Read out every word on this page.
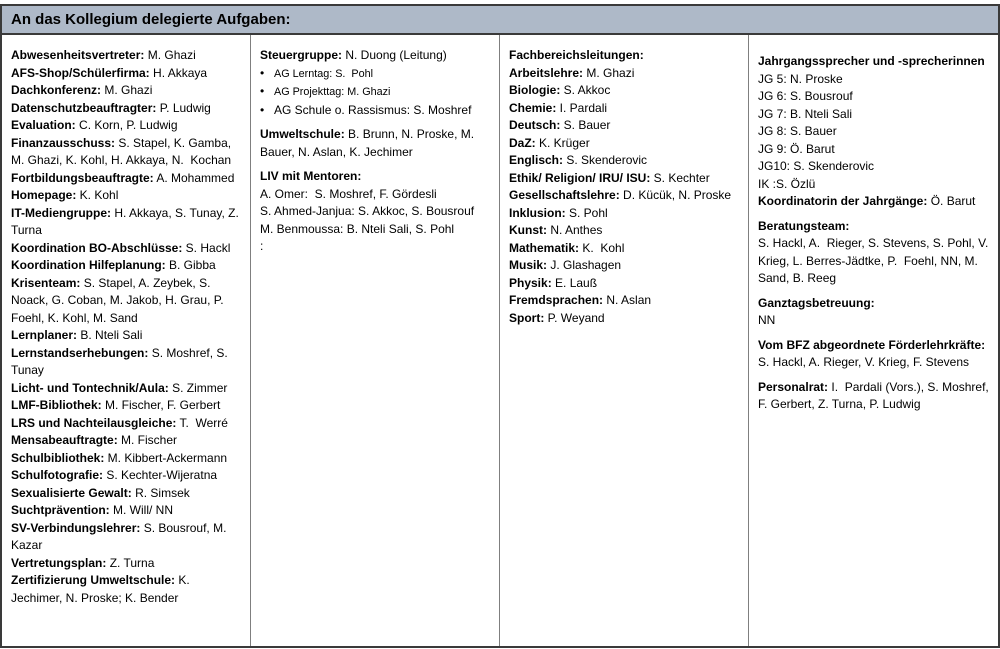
An das Kollegium delegierte Aufgaben:

Abwesenheitsvertreter: M. Ghazi

AFS-Shop/Schülerfirma: H. Akkaya

Dachkonferenz: M. Ghazi

Datenschutzbeauftragter: P. Ludwig

Evaluation: C. Korn, P. Ludwig

Finanzausschuss: S. Stapel, K. Gamba, M. Ghazi, K. Kohl, H. Akkaya, N.  Kochan

Fortbildungsbeauftragte: A. Mohammed

Homepage: K. Kohl

IT-Mediengruppe: H. Akkaya, S. Tunay, Z. Turna

Koordination BO-Abschlüsse: S. Hackl

Koordination Hilfeplanung: B. Gibba

Krisenteam: S. Stapel, A. Zeybek, S. Noack, G. Coban, M. Jakob, H. Grau, P. Foehl, K. Kohl, M. Sand

Lernplaner: B. Nteli Sali

Lernstandserhebungen: S. Moshref, S. Tunay

Licht- und Tontechnik/Aula: S. Zimmer

LMF-Bibliothek: M. Fischer, F. Gerbert

LRS und Nachteilausgleiche: T.  Werré

Mensabeauftragte: M. Fischer

Schulbibliothek: M. Kibbert-Ackermann

Schulfotografie: S. Kechter-Wijeratna

Sexualisierte Gewalt: R. Simsek

Suchtprävention: M. Will/ NN

SV-Verbindungslehrer: S. Bousrouf, M. Kazar

Vertretungsplan: Z. Turna

Zertifizierung Umweltschule: K. Jechimer, N. Proske; K. Bender

Steuergruppe: N. Duong (Leitung)

• AG Lerntag: S.  Pohl

• AG Projekttag: M. Ghazi

• AG Schule o. Rassismus: S. Moshref

Umweltschule: B. Brunn, N. Proske, M. Bauer, N. Aslan, K. Jechimer

LIV mit Mentoren:

A. Omer:  S. Moshref, F. Gördesli

S. Ahmed-Janjua: S. Akkoc, S. Bousrouf

M. Benmoussa: B. Nteli Sali, S. Pohl

:

Fachbereichsleitungen:

Arbeitslehre: M. Ghazi

Biologie: S. Akkoc

Chemie: I. Pardali

Deutsch: S. Bauer

DaZ: K. Krüger

Englisch: S. Skenderovic

Ethik/ Religion/ IRU/ ISU: S. Kechter

Gesellschaftslehre: D. Kücük, N. Proske

Inklusion: S. Pohl

Kunst: N. Anthes

Mathematik: K.  Kohl

Musik: J. Glashagen

Physik: E. Lauß

Fremdsprachen: N. Aslan

Sport: P. Weyand

Jahrgangssprecher und -sprecherinnen

JG 5: N. Proske

JG 6: S. Bousrouf

JG 7: B. Nteli Sali

JG 8: S. Bauer

JG 9: Ö. Barut

JG10: S. Skenderovic

IK :S. Özlü

Koordinatorin der Jahrgänge: Ö. Barut

Beratungsteam:

S. Hackl, A.  Rieger, S. Stevens, S. Pohl, V. Krieg, L. Berres-Jädtke, P.  Foehl, NN, M. Sand, B. Reeg

Ganztagsbetreuung:

NN

Vom BFZ abgeordnete Förderlehrkräfte:

S. Hackl, A. Rieger, V. Krieg, F. Stevens

Personalrat: I.  Pardali (Vors.), S. Moshref, F. Gerbert, Z. Turna, P. Ludwig
